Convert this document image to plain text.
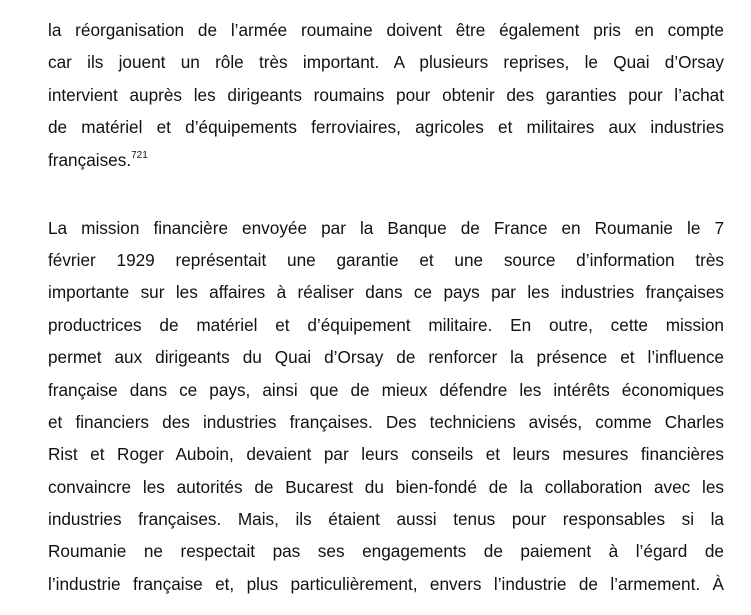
la réorganisation de l’armée roumaine doivent être également pris en compte
car ils jouent un rôle très important. A plusieurs reprises, le Quai d’Orsay
intervient auprès les dirigeants roumains pour obtenir des garanties pour l’achat
de matériel et d’équipements ferroviaires, agricoles et militaires aux industries
françaises.$^{721}$
La mission financière envoyée par la Banque de France en Roumanie le 7
février 1929 représentait une garantie et une source d’information très
importante sur les affaires à réaliser dans ce pays par les industries françaises
productrices de matériel et d’équipement militaire. En outre, cette mission
permet aux dirigeants du Quai d’Orsay de renforcer la présence et l’influence
française dans ce pays, ainsi que de mieux défendre les intérêts économiques
et financiers des industries françaises. Des techniciens avisés, comme Charles
Rist et Roger Auboin, devaient par leurs conseils et leurs mesures financières
convaincre les autorités de Bucarest du bien-fondé de la collaboration avec les
industries françaises. Mais, ils étaient aussi tenus pour responsables si la
Roumanie ne respectait pas ses engagements de paiement à l’égard de
l’industrie française et, plus particulièrement, envers l’industrie de l’armement. À
